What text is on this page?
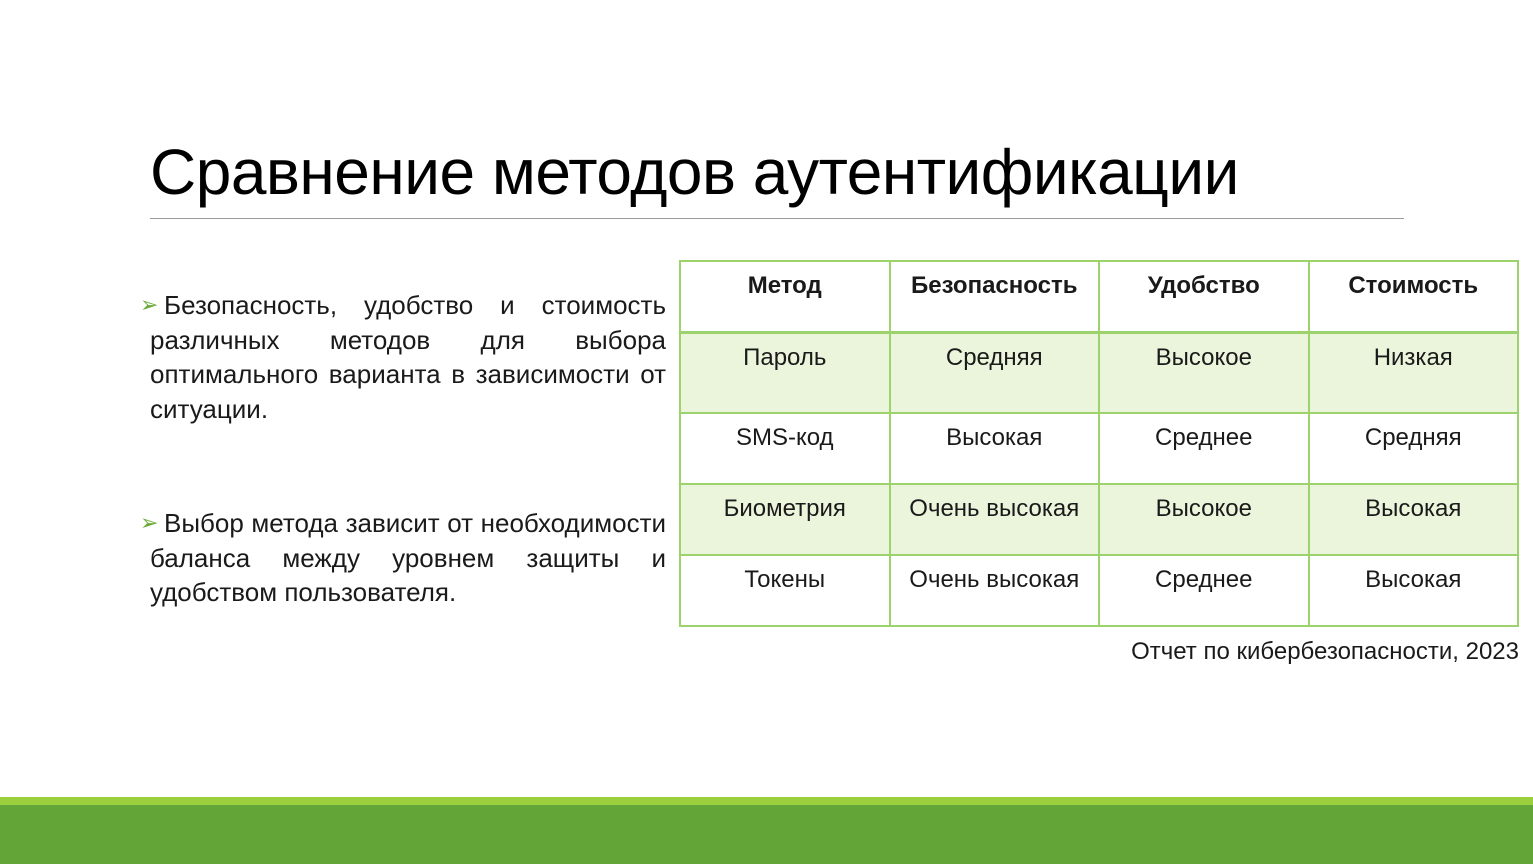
Сравнение методов аутентификации
➢ Безопасность, удобство и стоимость различных методов для выбора оптимального варианта в зависимости от ситуации.
➢ Выбор метода зависит от необходимости баланса между уровнем защиты и удобством пользователя.
Метод	Безопасность	Удобство	Стоимость
Пароль	Средняя	Высокое	Низкая
SMS-код	Высокая	Среднее	Средняя
Биометрия	Очень высокая	Высокое	Высокая
Токены	Очень высокая	Среднее	Высокая
Отчет по кибербезопасности, 2023
